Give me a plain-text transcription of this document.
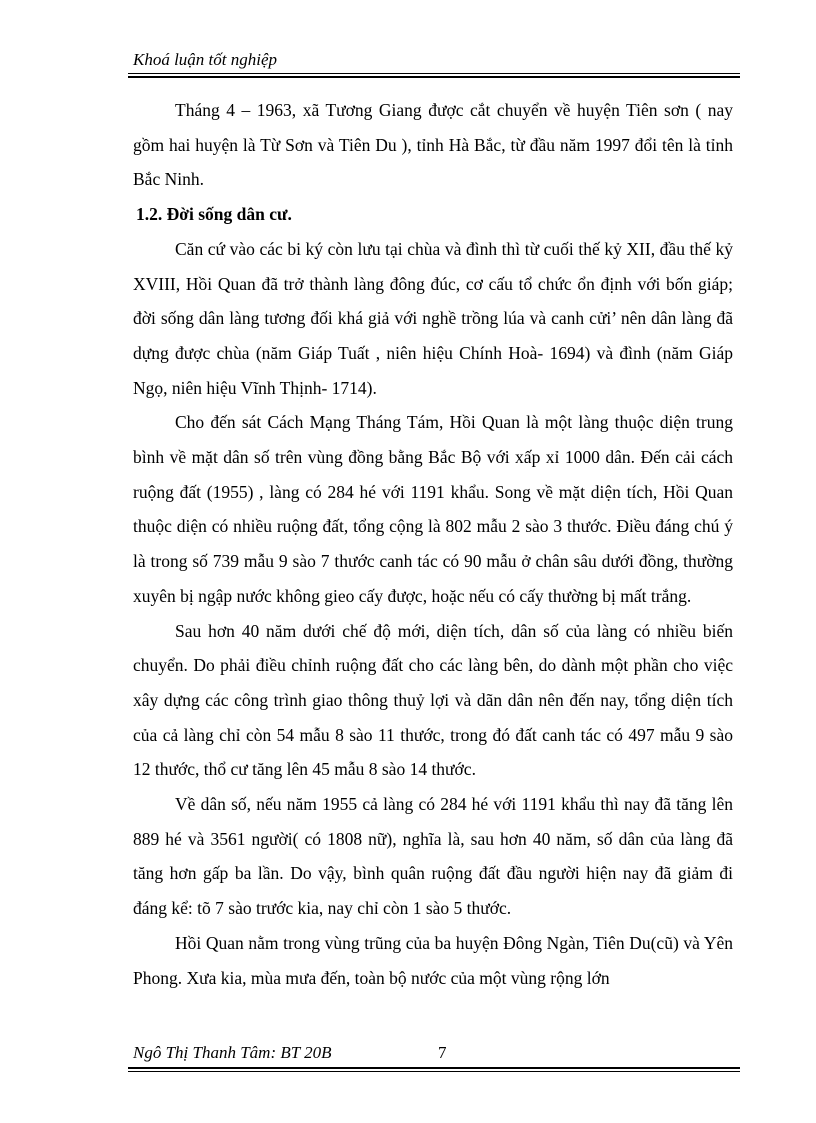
Khoá luận tốt nghiệp

Tháng 4 – 1963, xã Tương Giang được cắt chuyển về huyện Tiên sơn ( nay gồm hai huyện là Từ Sơn và Tiên Du ), tỉnh Hà Bắc, từ đầu năm 1997 đổi tên là tỉnh Bắc Ninh.

1.2. Đời sống dân cư.

Căn cứ vào các bi ký còn lưu tại chùa và đình thì từ cuối thế kỷ XII, đầu thế kỷ XVIII, Hồi Quan đã trở thành làng đông đúc, cơ cấu tổ chức ổn định với bốn giáp; đời sống dân làng tương đối khá giả với nghề trồng lúa và canh cửi’ nên dân làng đã dựng được chùa (năm Giáp Tuất , niên hiệu Chính Hoà- 1694) và đình (năm Giáp Ngọ, niên hiệu Vĩnh Thịnh- 1714).

Cho đến sát Cách Mạng Tháng Tám, Hồi Quan là một làng thuộc diện trung bình về mặt dân số trên vùng đồng bằng Bắc Bộ với xấp xỉ 1000 dân. Đến cải cách ruộng đất (1955) , làng có 284 hé với 1191 khẩu. Song về mặt diện tích, Hồi Quan thuộc diện có nhiều ruộng đất, tổng cộng là 802 mẫu 2 sào 3 thước. Điều đáng chú ý là trong số 739 mẫu 9 sào 7 thước canh tác có 90 mẫu ở chân sâu dưới đồng, thường xuyên bị ngập nước không gieo cấy được, hoặc nếu có cấy thường bị mất trắng.

Sau hơn 40 năm dưới chế độ mới, diện tích, dân số của làng có nhiều biến chuyển. Do phải điều chỉnh ruộng đất cho các làng bên, do dành một phần cho việc xây dựng các công trình giao thông thuỷ lợi và dãn dân nên đến nay, tổng diện tích của cả làng chỉ còn 54 mẫu 8 sào 11 thước, trong đó đất canh tác có 497 mẫu 9 sào 12 thước, thổ cư tăng lên 45 mẫu 8 sào 14 thước.

Về dân số, nếu năm 1955 cả làng có 284 hé với 1191 khẩu thì nay đã tăng lên 889 hé và 3561 người( có 1808 nữ), nghĩa là, sau hơn 40 năm, số dân của làng đã tăng hơn gấp ba lần. Do vậy, bình quân ruộng đất đầu người hiện nay đã giảm đi đáng kể: tõ 7 sào trước kia, nay chỉ còn 1 sào 5 thước.

Hồi Quan nằm trong vùng trũng của ba huyện Đông Ngàn, Tiên Du(cũ) và Yên Phong. Xưa kia, mùa mưa đến, toàn bộ nước của một vùng rộng lớn

Ngô Thị Thanh Tâm: BT 20B	7
